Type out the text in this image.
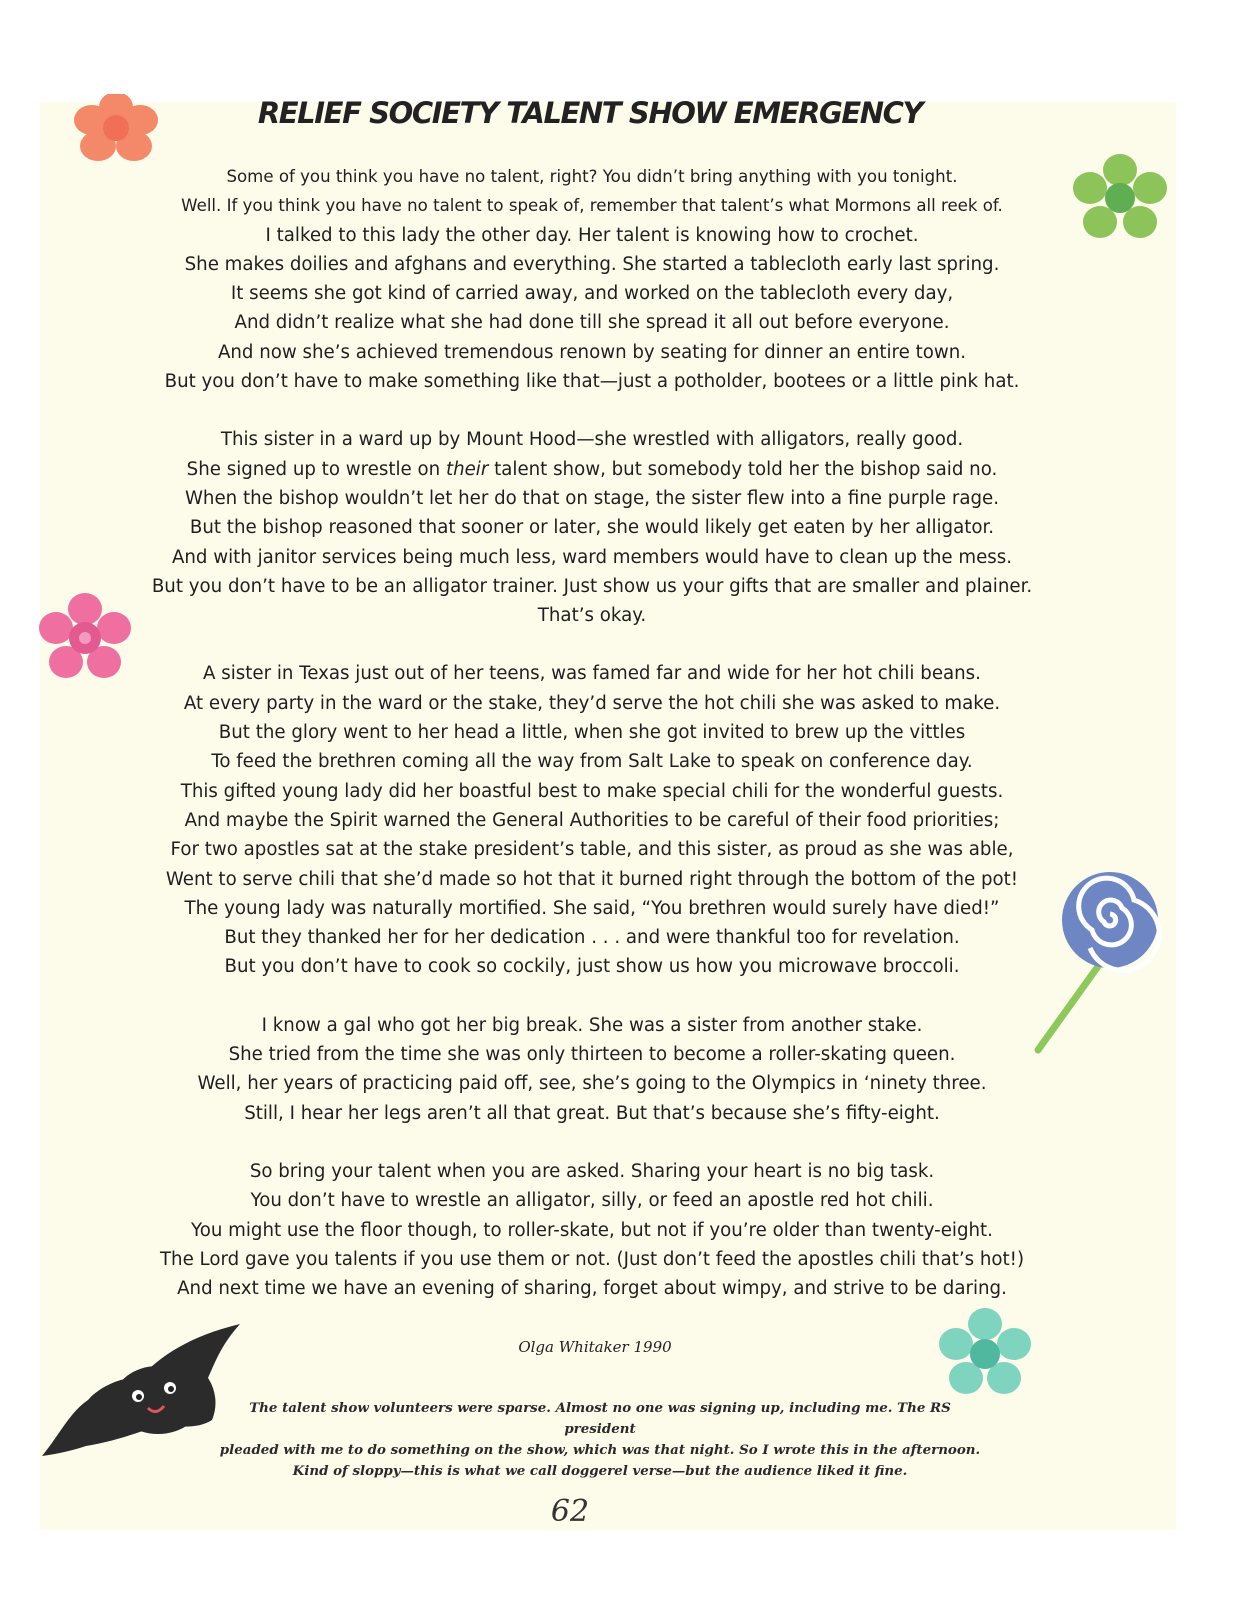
RELIEF SOCIETY TALENT SHOW EMERGENCY
Some of you think you have no talent, right? You didn’t bring anything with you tonight.
Well. If you think you have no talent to speak of, remember that talent’s what Mormons all reek of.
I talked to this lady the other day. Her talent is knowing how to crochet.
She makes doilies and afghans and everything. She started a tablecloth early last spring.
It seems she got kind of carried away, and worked on the tablecloth every day,
And didn’t realize what she had done till she spread it all out before everyone.
And now she’s achieved tremendous renown by seating for dinner an entire town.
But you don’t have to make something like that—just a potholder, bootees or a little pink hat.
This sister in a ward up by Mount Hood—she wrestled with alligators, really good.
She signed up to wrestle on their talent show, but somebody told her the bishop said no.
When the bishop wouldn’t let her do that on stage, the sister flew into a fine purple rage.
But the bishop reasoned that sooner or later, she would likely get eaten by her alligator.
And with janitor services being much less, ward members would have to clean up the mess.
But you don’t have to be an alligator trainer. Just show us your gifts that are smaller and plainer.
That’s okay.
A sister in Texas just out of her teens, was famed far and wide for her hot chili beans.
At every party in the ward or the stake, they’d serve the hot chili she was asked to make.
But the glory went to her head a little, when she got invited to brew up the vittles
To feed the brethren coming all the way from Salt Lake to speak on conference day.
This gifted young lady did her boastful best to make special chili for the wonderful guests.
And maybe the Spirit warned the General Authorities to be careful of their food priorities;
For two apostles sat at the stake president’s table, and this sister, as proud as she was able,
Went to serve chili that she’d made so hot that it burned right through the bottom of the pot!
The young lady was naturally mortified. She said, “You brethren would surely have died!”
But they thanked her for her dedication . . . and were thankful too for revelation.
But you don’t have to cook so cockily, just show us how you microwave broccoli.
I know a gal who got her big break. She was a sister from another stake.
She tried from the time she was only thirteen to become a roller-skating queen.
Well, her years of practicing paid off, see, she’s going to the Olympics in ‘ninety three.
Still, I hear her legs aren’t all that great. But that’s because she’s fifty-eight.
So bring your talent when you are asked. Sharing your heart is no big task.
You don’t have to wrestle an alligator, silly, or feed an apostle red hot chili.
You might use the floor though, to roller-skate, but not if you’re older than twenty-eight.
The Lord gave you talents if you use them or not. (Just don’t feed the apostles chili that’s hot!)
And next time we have an evening of sharing, forget about wimpy, and strive to be daring.
Olga Whitaker 1990
The talent show volunteers were sparse. Almost no one was signing up, including me. The RS president
pleaded with me to do something on the show, which was that night. So I wrote this in the afternoon.
Kind of sloppy—this is what we call doggerel verse—but the audience liked it fine.
62
